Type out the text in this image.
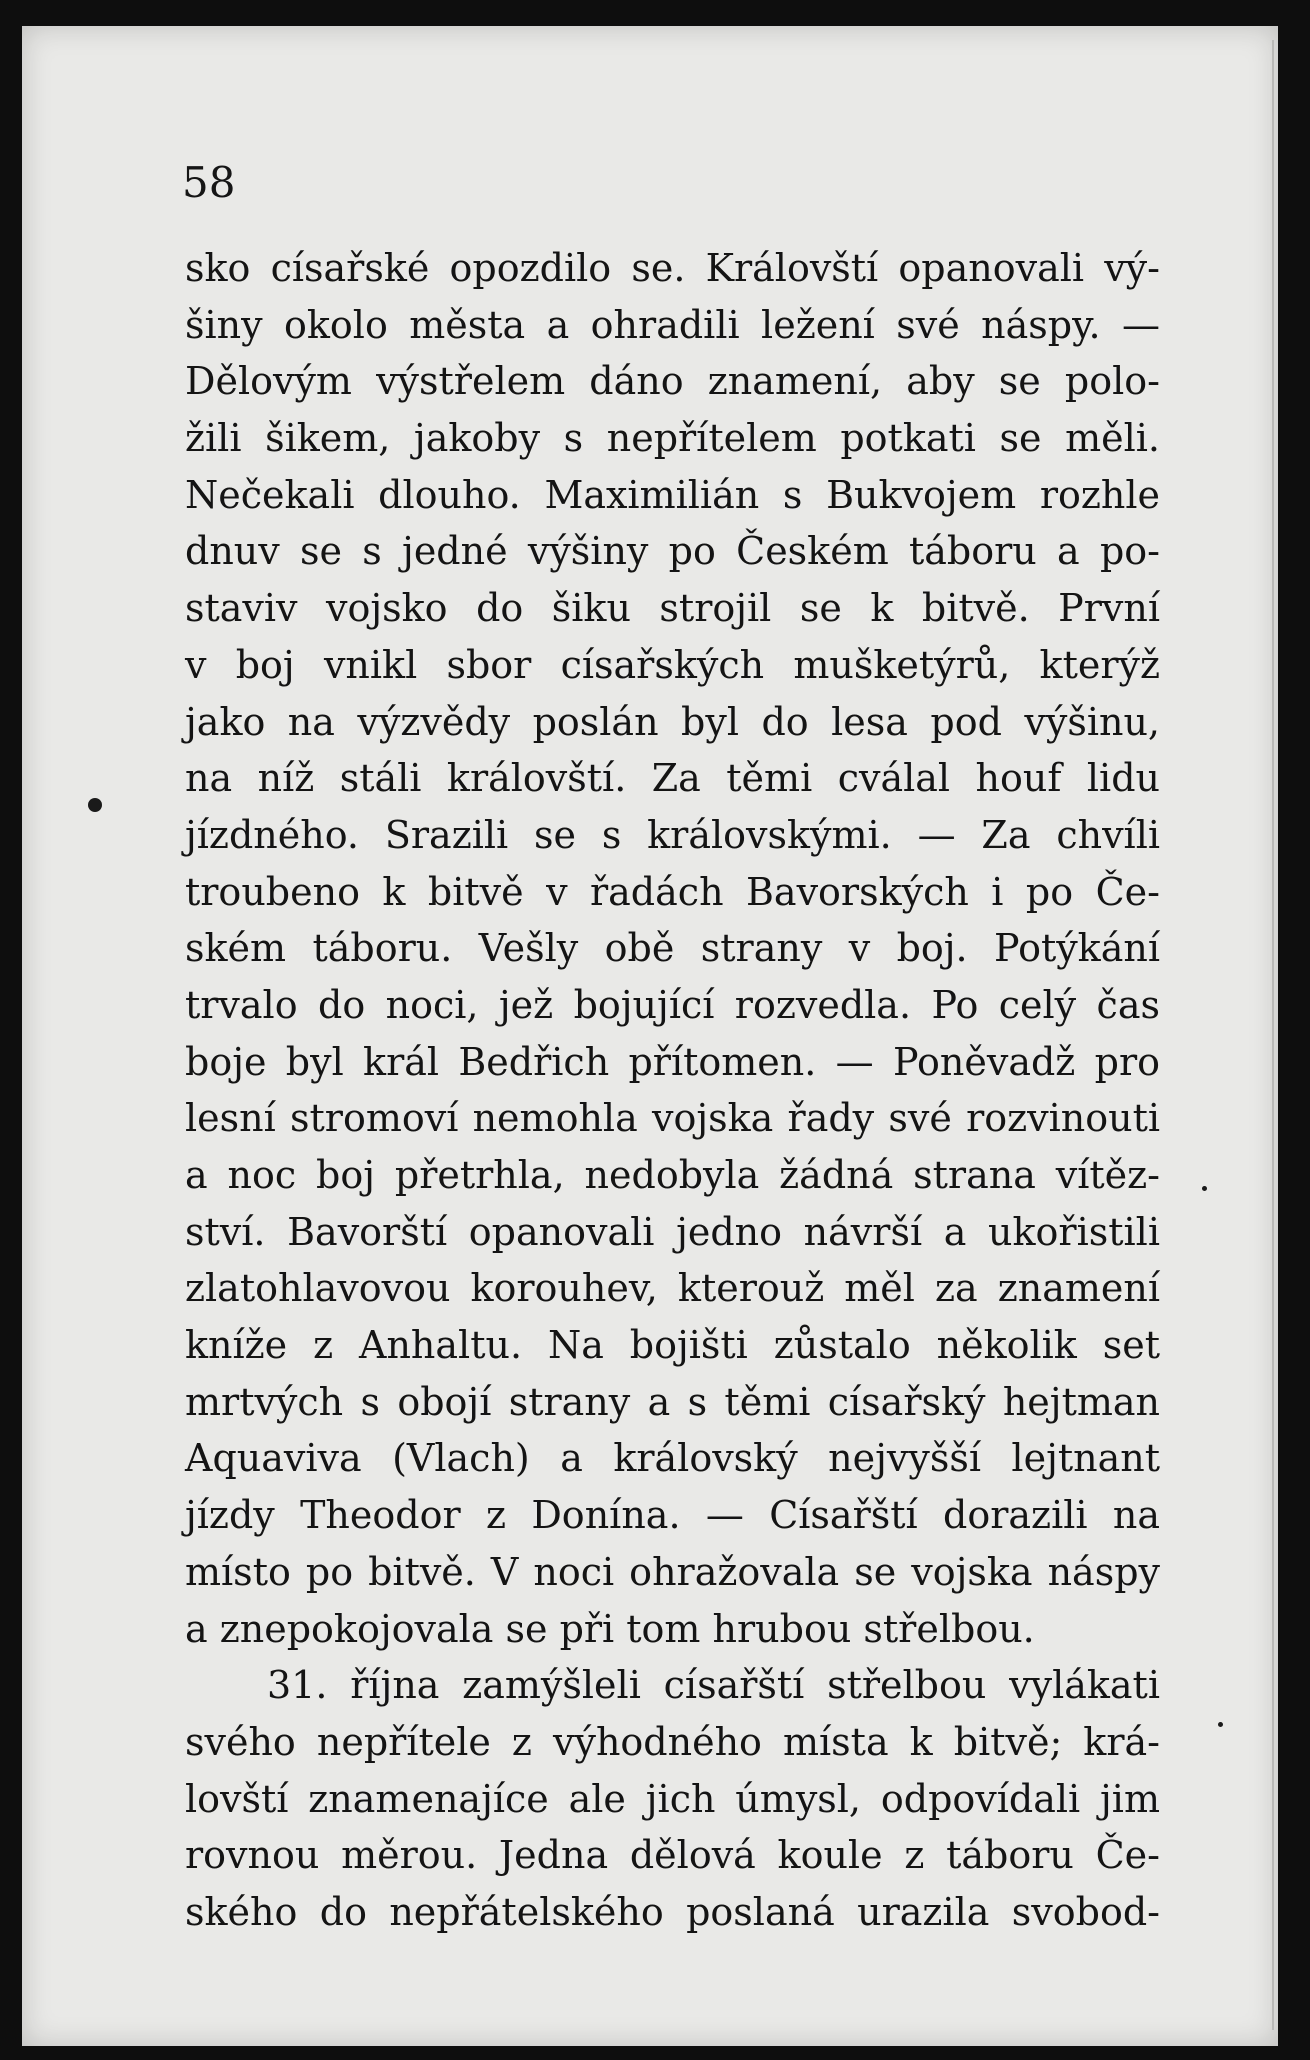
58

sko císařské opozdilo se. Královští opanovali vý-
šiny okolo města a ohradili ležení své náspy. —
Dělovým výstřelem dáno znamení, aby se polo-
žili šikem, jakoby s nepřítelem potkati se měli.
Nečekali dlouho. Maximilián s Bukvojem rozhle
dnuv se s jedné výšiny po Českém táboru a po-
staviv vojsko do šiku strojil se k bitvě. První
v boj vnikl sbor císařských mušketýrů, kterýž
jako na výzvědy poslán byl do lesa pod výšinu,
na níž stáli královští. Za těmi cválal houf lidu
jízdného. Srazili se s královskými. — Za chvíli
troubeno k bitvě v řadách Bavorských i po Če-
ském táboru. Vešly obě strany v boj. Potýkání
trvalo do noci, jež bojující rozvedla. Po celý čas
boje byl král Bedřich přítomen. — Poněvadž pro
lesní stromoví nemohla vojska řady své rozvinouti
a noc boj přetrhla, nedobyla žádná strana vítěz-
ství. Bavorští opanovali jedno návrší a ukořistili
zlatohlavovou korouhev, kterouž měl za znamení
kníže z Anhaltu. Na bojišti zůstalo několik set
mrtvých s obojí strany a s těmi císařský hejtman
Aquaviva (Vlach) a královský nejvyšší lejtnant
jízdy Theodor z Donína. — Císařští dorazili na
místo po bitvě. V noci ohražovala se vojska náspy
a znepokojovala se při tom hrubou střelbou.
31. října zamýšleli císařští střelbou vylákati
svého nepřítele z výhodného místa k bitvě; krá-
lovští znamenajíce ale jich úmysl, odpovídali jim
rovnou měrou. Jedna dělová koule z táboru Če-
ského do nepřátelského poslaná urazila svobod-
